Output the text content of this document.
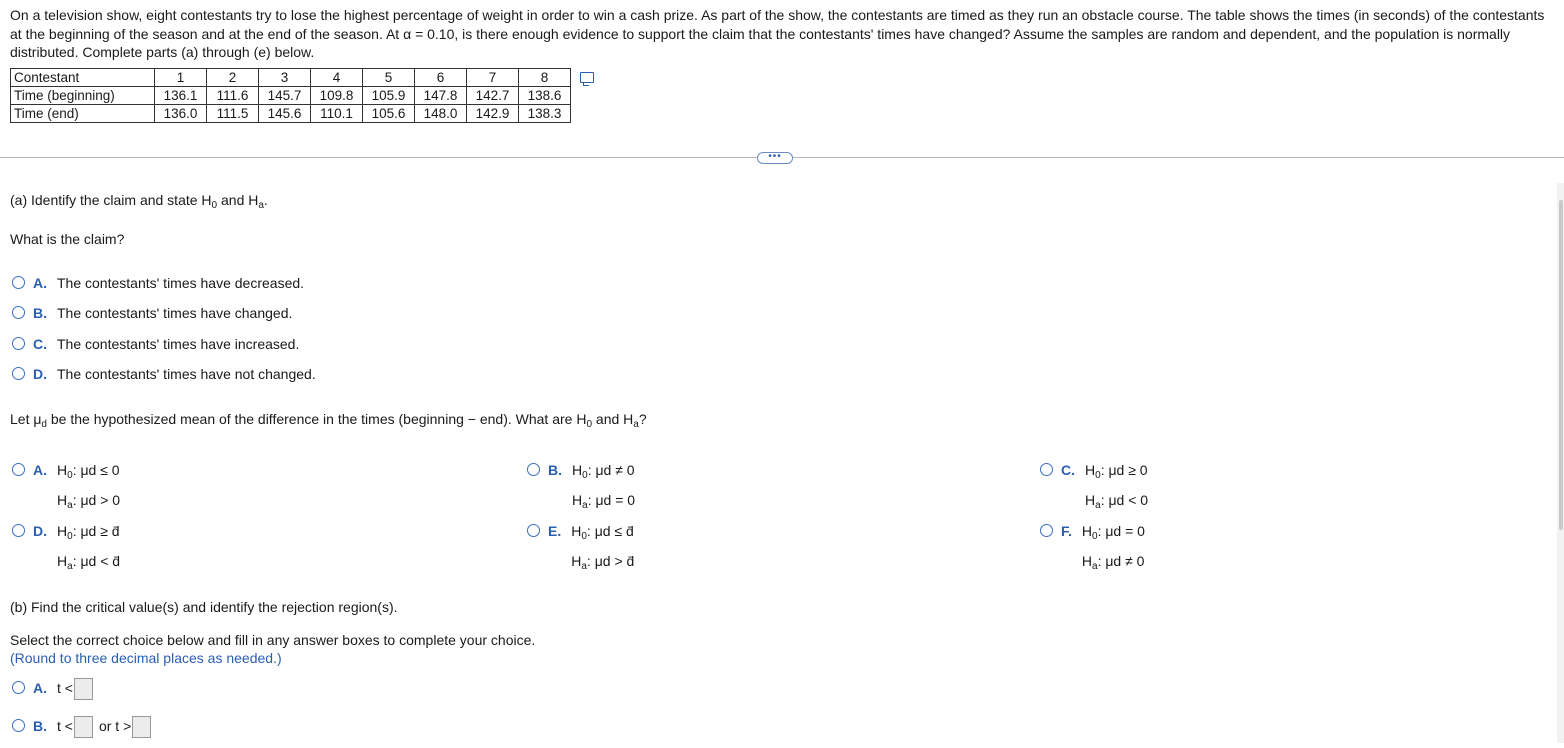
On a television show, eight contestants try to lose the highest percentage of weight in order to win a cash prize. As part of the show, the contestants are timed as they run an obstacle course. The table shows the times (in seconds) of the contestants at the beginning of the season and at the end of the season. At α = 0.10, is there enough evidence to support the claim that the contestants' times have changed? Assume the samples are random and dependent, and the population is normally distributed. Complete parts (a) through (e) below.
Contestant	1	2	3	4	5	6	7	8
Time (beginning)	136.1	111.6	145.7	109.8	105.9	147.8	142.7	138.6
Time (end)	136.0	111.5	145.6	110.1	105.6	148.0	142.9	138.3
•••
(a) Identify the claim and state $H_0$ and $H_a$.
What is the claim?
A. The contestants' times have decreased.
B. The contestants' times have changed.
C. The contestants' times have increased.
D. The contestants' times have not changed.
Let $\mu_d$ be the hypothesized mean of the difference in the times (beginning − end). What are $H_0$ and $H_a$?
A. $H_0$: μd ≤ 0
$H_a$: μd > 0
B. $H_0$: μd ≠ 0
$H_a$: μd = 0
C. $H_0$: μd ≥ 0
$H_a$: μd < 0
D. $H_0$: μd ≥ d̄
$H_a$: μd < d̄
E. $H_0$: μd ≤ d̄
$H_a$: μd > d̄
F. $H_0$: μd = 0
$H_a$: μd ≠ 0
(b) Find the critical value(s) and identify the rejection region(s).
Select the correct choice below and fill in any answer boxes to complete your choice.
(Round to three decimal places as needed.)
A. t <
B. t < or t >
